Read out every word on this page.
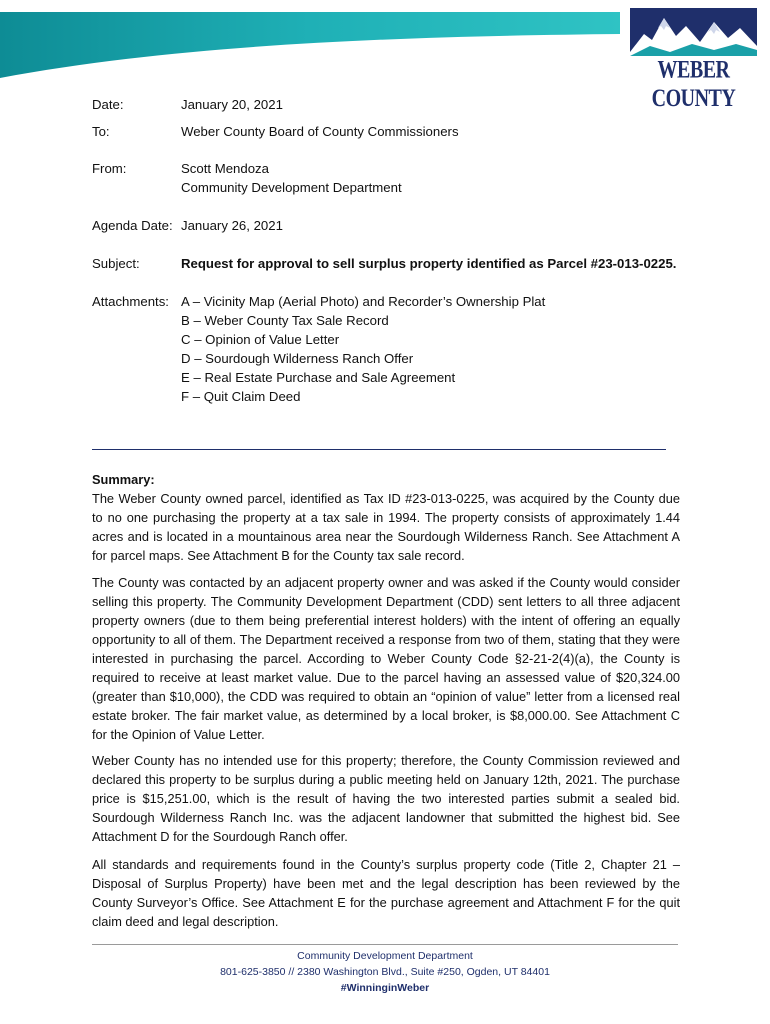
WEBER COUNTY
Date:	January 20, 2021
To:	Weber County Board of County Commissioners
From:	Scott Mendoza
Community Development Department
Agenda Date: January 26, 2021
Subject:	Request for approval to sell surplus property identified as Parcel #23-013-0225.
Attachments: A – Vicinity Map (Aerial Photo) and Recorder’s Ownership Plat
B – Weber County Tax Sale Record
C – Opinion of Value Letter
D – Sourdough Wilderness Ranch Offer
E – Real Estate Purchase and Sale Agreement
F – Quit Claim Deed
Summary:
The Weber County owned parcel, identified as Tax ID #23-013-0225, was acquired by the County due to no one purchasing the property at a tax sale in 1994. The property consists of approximately 1.44 acres and is located in a mountainous area near the Sourdough Wilderness Ranch. See Attachment A for parcel maps. See Attachment B for the County tax sale record.
The County was contacted by an adjacent property owner and was asked if the County would consider selling this property. The Community Development Department (CDD) sent letters to all three adjacent property owners (due to them being preferential interest holders) with the intent of offering an equally opportunity to all of them. The Department received a response from two of them, stating that they were interested in purchasing the parcel. According to Weber County Code §2-21-2(4)(a), the County is required to receive at least market value. Due to the parcel having an assessed value of $20,324.00 (greater than $10,000), the CDD was required to obtain an “opinion of value” letter from a licensed real estate broker. The fair market value, as determined by a local broker, is $8,000.00. See Attachment C for the Opinion of Value Letter.
Weber County has no intended use for this property; therefore, the County Commission reviewed and declared this property to be surplus during a public meeting held on January 12th, 2021. The purchase price is $15,251.00, which is the result of having the two interested parties submit a sealed bid. Sourdough Wilderness Ranch Inc. was the adjacent landowner that submitted the highest bid. See Attachment D for the Sourdough Ranch offer.
All standards and requirements found in the County’s surplus property code (Title 2, Chapter 21 – Disposal of Surplus Property) have been met and the legal description has been reviewed by the County Surveyor’s Office. See Attachment E for the purchase agreement and Attachment F for the quit claim deed and legal description.
Community Development Department
801-625-3850 // 2380 Washington Blvd., Suite #250, Ogden, UT 84401
#WinninginWeber
